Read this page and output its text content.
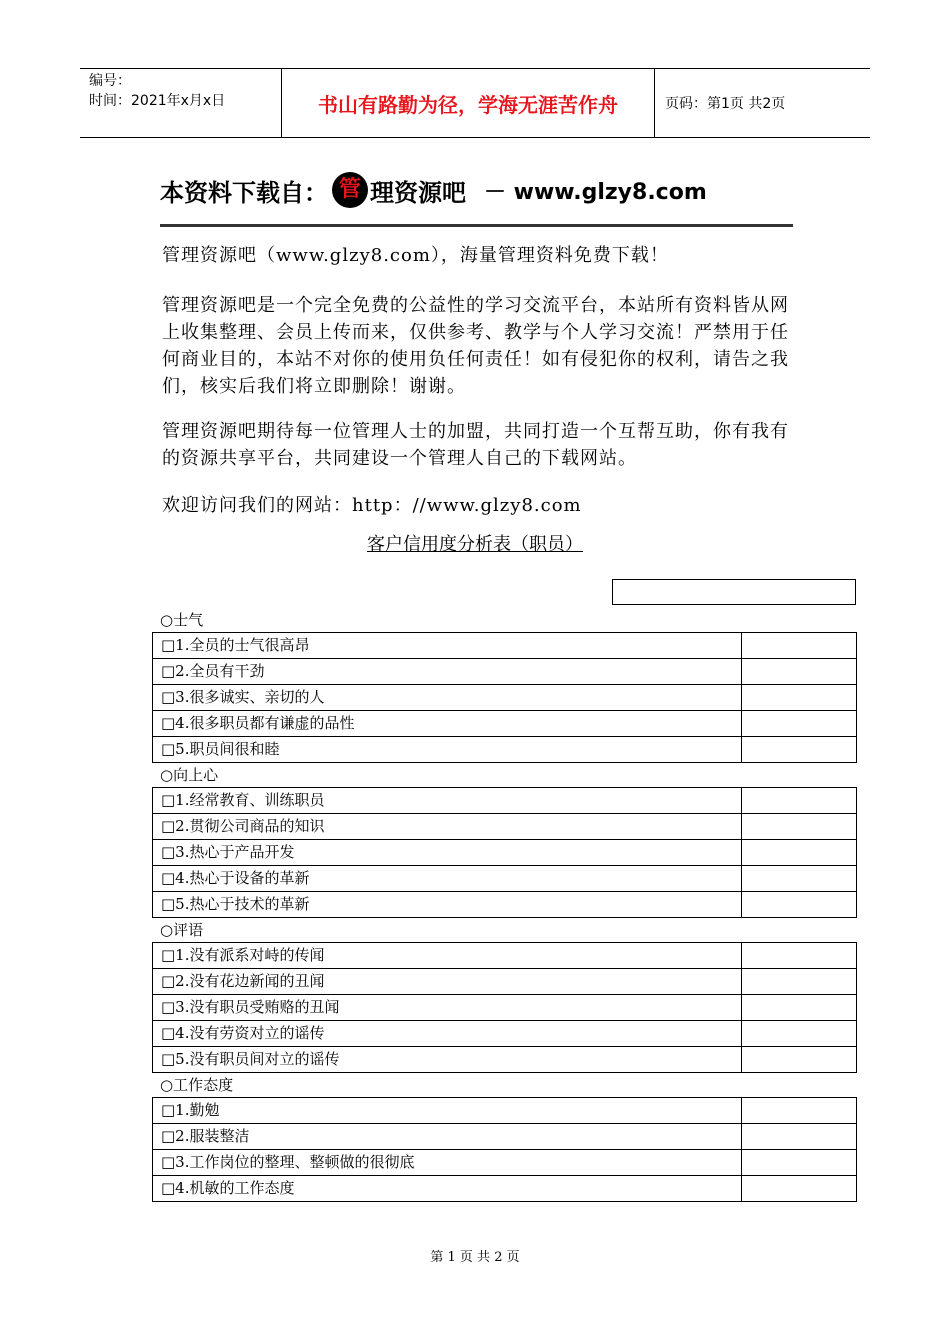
编号：
时间：2021年x月x日	书山有路勤为径，学海无涯苦作舟	页码：第1页 共2页
本资料下载自： 管 理资源吧 － www.glzy8.com

管理资源吧（www.glzy8.com），海量管理资料免费下载！

管理资源吧是一个完全免费的公益性的学习交流平台，本站所有资料皆从网上收集整理、会员上传而来，仅供参考、教学与个人学习交流！严禁用于任何商业目的，本站不对你的使用负任何责任！如有侵犯你的权利，请告之我们，核实后我们将立即删除！谢谢。

管理资源吧期待每一位管理人士的加盟，共同打造一个互帮互助，你有我有的资源共享平台，共同建设一个管理人自己的下载网站。

欢迎访问我们的网站：http：//www.glzy8.com

客户信用度分析表（职员）
○士气
□1.全员的士气很高昂
□2.全员有干劲
□3.很多诚实、亲切的人
□4.很多职员都有谦虚的品性
□5.职员间很和睦
○向上心
□1.经常教育、训练职员
□2.贯彻公司商品的知识
□3.热心于产品开发
□4.热心于设备的革新
□5.热心于技术的革新
○评语
□1.没有派系对峙的传闻
□2.没有花边新闻的丑闻
□3.没有职员受贿赂的丑闻
□4.没有劳资对立的谣传
□5.没有职员间对立的谣传
○工作态度
□1.勤勉
□2.服装整洁
□3.工作岗位的整理、整顿做的很彻底
□4.机敏的工作态度
第 1 页 共 2 页
